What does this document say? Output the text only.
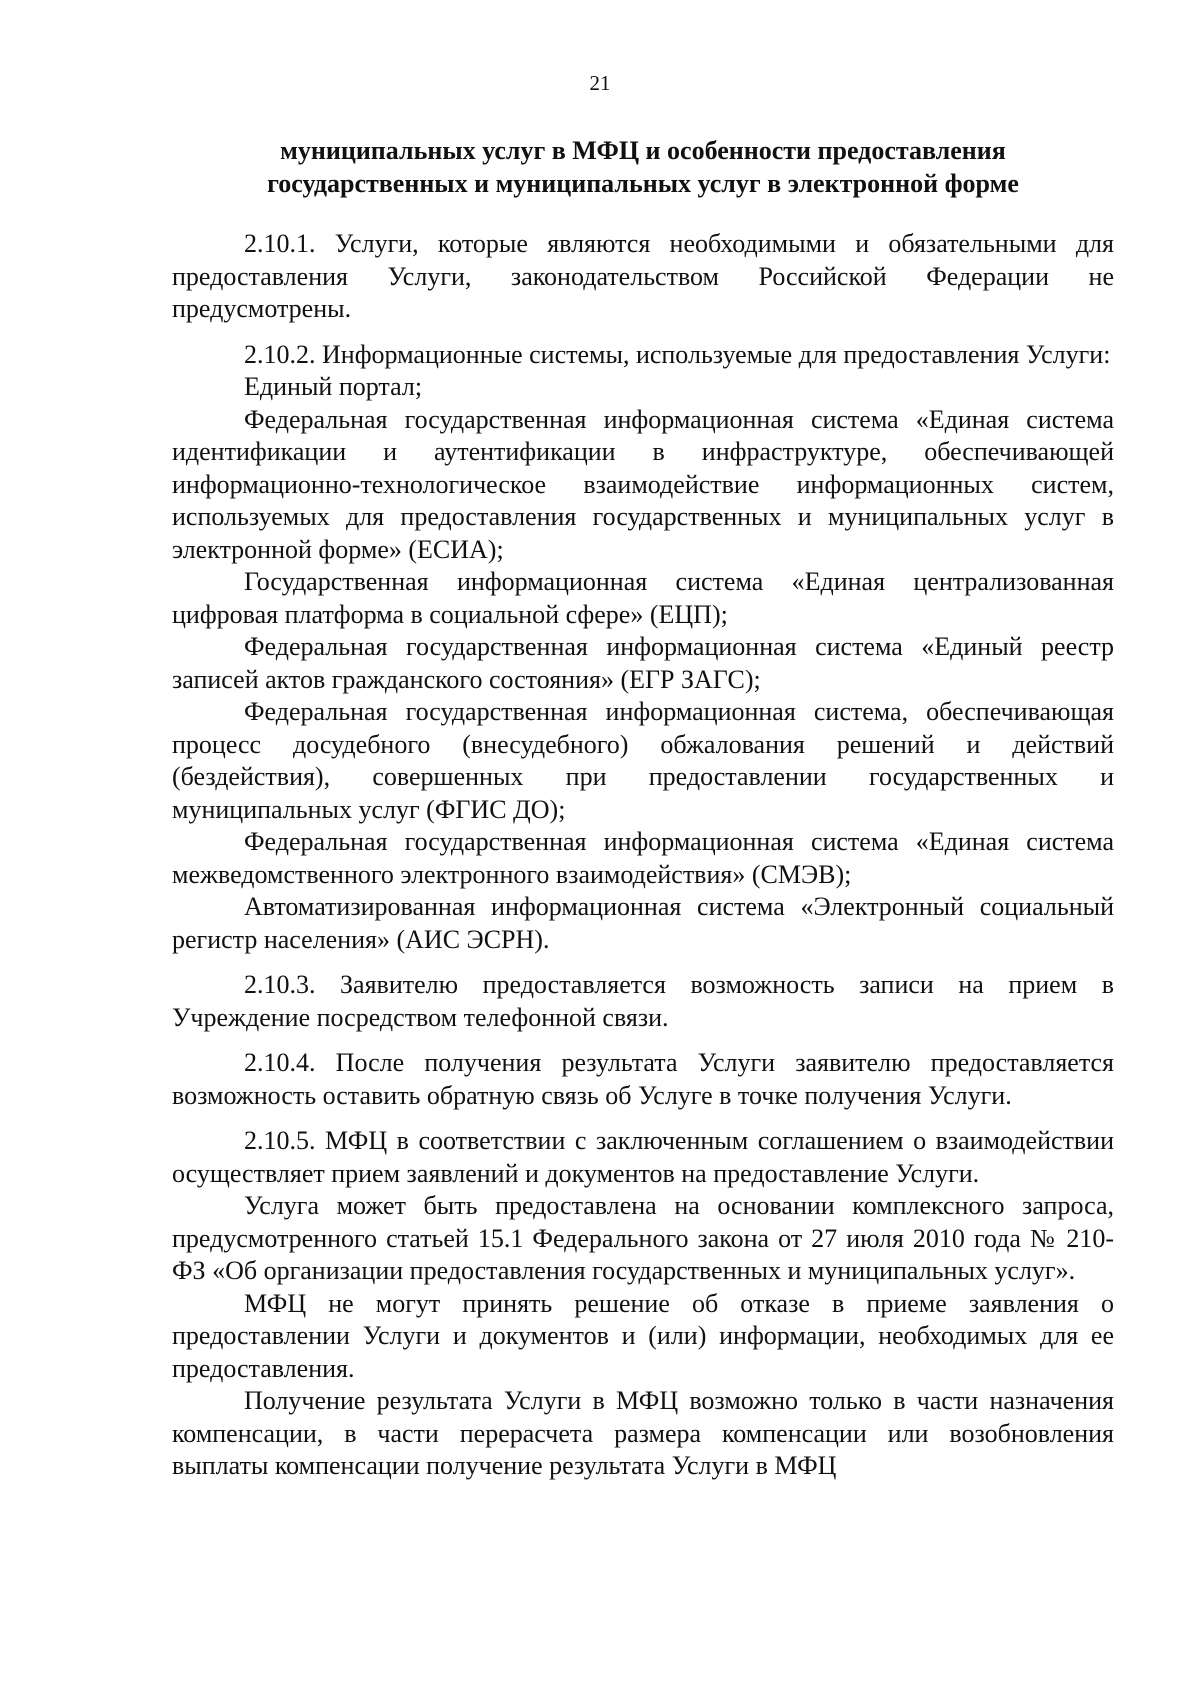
21

муниципальных услуг в МФЦ и особенности предоставления
государственных и муниципальных услуг в электронной форме

2.10.1. Услуги, которые являются необходимыми и обязательными для предоставления Услуги, законодательством Российской Федерации не предусмотрены.

2.10.2. Информационные системы, используемые для предоставления Услуги:

Единый портал;

Федеральная государственная информационная система «Единая система идентификации и аутентификации в инфраструктуре, обеспечивающей информационно-технологическое взаимодействие информационных систем, используемых для предоставления государственных и муниципальных услуг в электронной форме» (ЕСИА);

Государственная информационная система «Единая централизованная цифровая платформа в социальной сфере» (ЕЦП);

Федеральная государственная информационная система «Единый реестр записей актов гражданского состояния» (ЕГР ЗАГС);

Федеральная государственная информационная система, обеспечивающая процесс досудебного (внесудебного) обжалования решений и действий (бездействия), совершенных при предоставлении государственных и муниципальных услуг (ФГИС ДО);

Федеральная государственная информационная система «Единая система межведомственного электронного взаимодействия» (СМЭВ);

Автоматизированная информационная система «Электронный социальный регистр населения» (АИС ЭСРН).

2.10.3. Заявителю предоставляется возможность записи на прием в Учреждение посредством телефонной связи.

2.10.4. После получения результата Услуги заявителю предоставляется возможность оставить обратную связь об Услуге в точке получения Услуги.

2.10.5. МФЦ в соответствии с заключенным соглашением о взаимодействии осуществляет прием заявлений и документов на предоставление Услуги.

Услуга может быть предоставлена на основании комплексного запроса, предусмотренного статьей 15.1 Федерального закона от 27 июля 2010 года № 210-ФЗ «Об организации предоставления государственных и муниципальных услуг».

МФЦ не могут принять решение об отказе в приеме заявления о предоставлении Услуги и документов и (или) информации, необходимых для ее предоставления.

Получение результата Услуги в МФЦ возможно только в части назначения компенсации, в части перерасчета размера компенсации или возобновления выплаты компенсации получение результата Услуги в МФЦ
